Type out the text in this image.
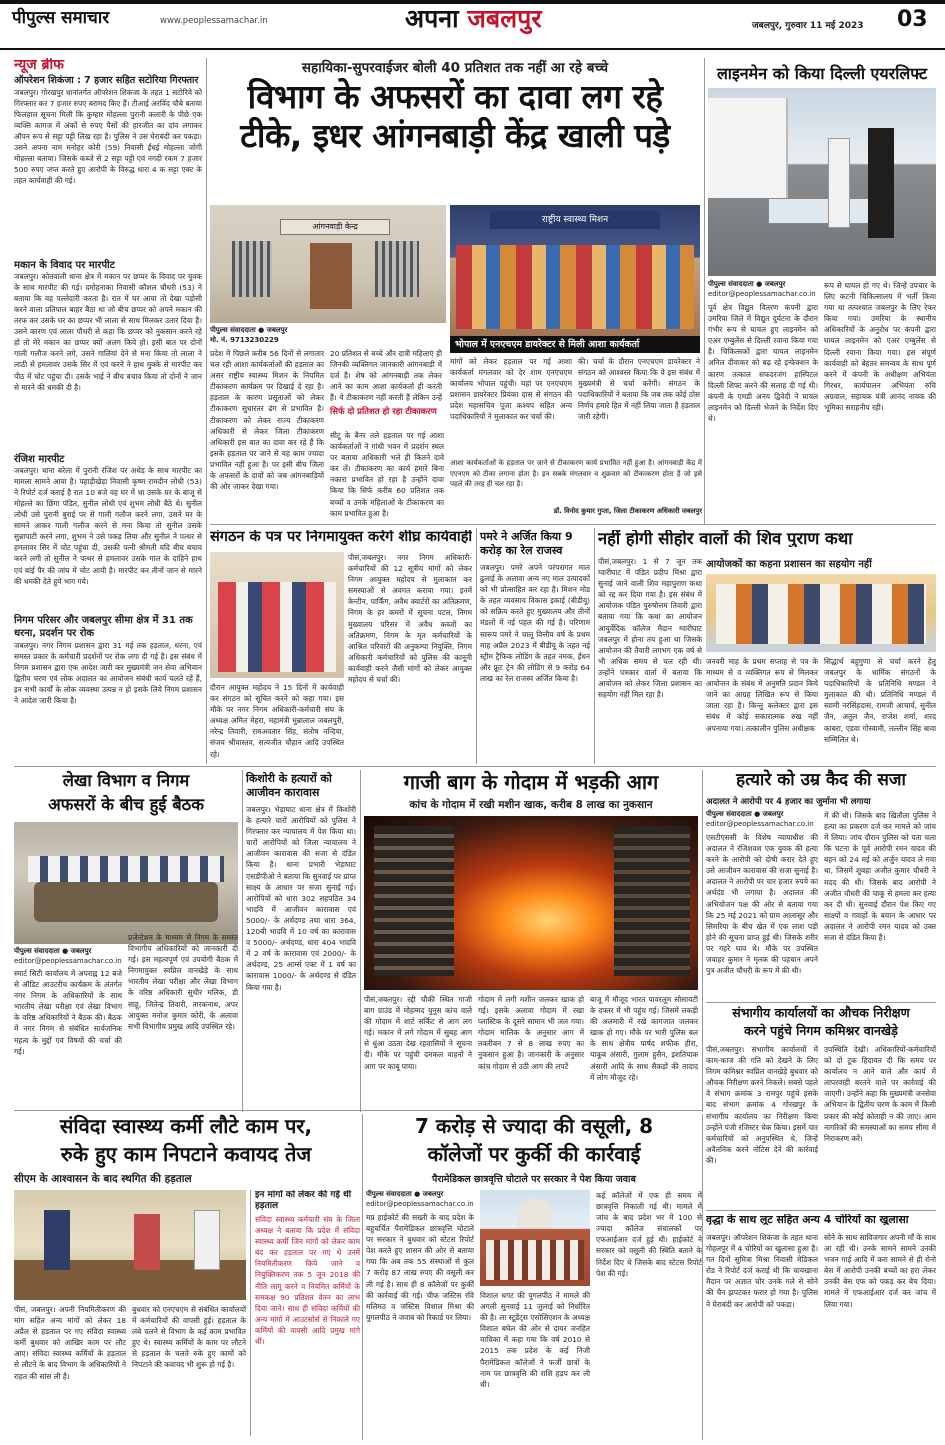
पीपुल्स समाचार	www.peoplessamachar.in	अपना जबलपुर	जबलपुर, गुरुवार 11 मई 2023 03
न्यूज ब्रीफ
ऑपरेशन शिकंजा : 7 हजार सहित सटोरिया गिरफ्तार
जबलपुर। गोरखपुर थानांतर्गत ऑपरेशन शिकंजा के तहत 1 सटोरिये को गिरफ्तार कर 7 हजार रुपए बरामद किए हैं। टीआई अरविंद चौबे बताया फिलहाल सूचना मिली कि कुम्हार मोहल्ला पुरानी कलारी के पीछे एक व्यक्ति कागज में अंकों से रुपए पैसों की हारजीत का दांव लगाकर ऑपन रूप से सट्टा पट्टी लिख रहा है। पुलिस ने उस घेराबंदी कर पकड़ा। उसने अपना नाम मनोहर कोरी (59) निवासी ईंधई मोहल्ला जोगी मोहल्ला बताया। जिसके कब्जे से 2 सट्टा पट्टी एवं नगदी रकम 7 हजार 500 रुपए जप्त करते हुए आरोपी के विरुद्ध धारा 4 क सट्टा एक्ट के तहत कार्यवाही की गई।
मकान के विवाद पर मारपीट
जबलपुर। कोतवाली थाना क्षेत्र में मकान पर छप्पर के विवाद पर युवक के साथ मारपीट की गई। दमोहनाका निवासी कौशल चौधरी (53) ने बताया कि वह पल्लेदारी करता है। रात में घर आया तो देखा पड़ोसी करने वाला प्रतिपाल बाहर बैठा था जो बीच छप्पर को अपने मकान की तरफ कर उसके घर का छप्पर भी लाला से साथ मिलकर उतार दिया है। उसने कारण एवं लाला पौधरी से कहा कि छप्पर को नुकसान करने रहे हो तो मेरे मकान का छप्पर क्यों अलग किये हो। इसी बात पर दोनों गाली गलौज करने लगे, उसने गालियां देने से मना किया तो लाला ने लाठी से हमलावर उसके सिर में एवं करने ने हाथ मुक्के से मारपीट कर पीठ में चोट पहुंचा दी। उसके भाई ने बीच बचाव किया तो दोनों ने जान से मारने की धमकी दी है।
रंजिश मारपीट
जबलपुर। थाना बरेला में पुरानी रंजिश पर अधेड़ के साथ मारपीट का मामला सामने आया है। पहाड़ीखेड़ा निवासी कृष्ण रामदीन लोधी (53) ने रिपोर्ट दर्ज कराई है रात 10 बजे वह घर में था उसके घर के बाजू से मोहल्ले का छिंगा पंडित, सुनील लोधी एवं शुभम लोधी बैठे थे। सुनील लोधी उसे पुरानी बुराई पर से गाली गलौज करने लगा, उसने घर के सामने आकर गाली गलौज करने से मना किया तो सुनील उसके सुन्नापाटी करने लगा, शुभम ने उसे पकड़ लिया और सुनील ने पत्थर से हमलावर सिर में चोट पहुंचा दी, उसकी पत्नी श्रीमती यदि बीच बचाव करने लगी तो सुनील ने पत्थर से हमलावर उसके गाल के दाहिने हाथ एवं बांई पैर की जांघ में चोट आयी है। मारपीट कर तीनों जान से मारने की धमकी देते हुये भाग गये।
निगम परिसर और जबलपुर सीमा क्षेत्र में 31 तक धरना, प्रदर्शन पर रोक
जबलपुर। नगर निगम प्रशासन द्वारा 31 मई तक हड़ताल, धरना, एवं समस्त प्रकार के कर्मचारी प्रदर्शनों पर रोक लगा दी गई है। इस संबंध में निगम प्रशासन द्वारा एक आदेश जारी कर मुख्यमंत्री जन सेवा अभियान द्वितीय चरण एवं लोक अदालत का आयोजन संबंधी कार्य चलते रहें हैं, इन सभी कार्यों के लोक व्यवस्था उत्पन्न न हो इसके लिये निगम प्रशासन ने आदेश जारी किया है।
सहायिका-सुपरवाईजर बोली 40 प्रतिशत तक नहीं आ रहे बच्चे
विभाग के अफसरों का दावा लग रहे
टीके, इधर आंगनबाड़ी केंद्र खाली पड़े
आंगनवाड़ी केन्द्र
पीपुल्स संवाददाता ● जबलपुर
मो. नं. 9713230229
प्रदेश में पिछले करीब 56 दिनों से लगातार चल रही आशा कार्यकर्ताओं की हड़ताल का असर राष्ट्रीय स्वास्थ्य मिशन के नियमित टीकाकरण कार्यक्रम पर दिखाई दे रहा है। हड़ताल के कारण प्रसूताओं को लेकर टीकाकरण सुधारतर ढंग से प्रभावित है। टीकाकरण को लेकर राज्य टीकाकरण अधिकारी से लेकर जिला टीकाकरण अधिकारी इस बात का दावा कर रहे हैं कि इसके हड़ताल पर जाने से यह काम ज्यादा प्रभावित नहीं हुआ है। पर इसी बीच जिला के अफसरों के दावों को जब आंगनबाड़ियों की ओर जाकर देखा गया।
20 प्रतिशत से बच्चे और दात्री महिलाएं ही जिनकी व्यक्तिगत जानकारी आंगनबाड़ी में दर्ज है। शेष को आंगनबाड़ी तक लेकर आने का काम आशा कार्यकर्ता ही करती हैं। ये टीकाकरण नहीं करती हैं लेकिन उन्हें
सिर्फ दो प्रतिशत हो रहा टीकाकरण
सीटू के बैनर तले हड़ताल पर गई आशा कार्यकर्ताओं ने गांधी भवन में प्रदर्शन स्थल पर बताया अधिकारी भले ही कितने दावे कर लें। टीकाकरण का कार्य हमारे बिना नकारा प्रभावित हो रहा है उन्होंने दावा किया कि सिर्फ करीब 60 प्रतिशत तक बच्चों व उनके महिलाओं के टीकाकरण का काम प्रभावित हुआ है।
राष्ट्रीय स्वास्थ्य मिशन
भोपाल में एनएचएम डायरेक्टर से मिली आशा कार्यकर्ता
मांगों को लेकर हड़ताल पर गई आशा कार्यकर्ता मंगलवार को देर शाम एनएचएम कार्यालय भोपाल पहुंची। यहां पर एनएचएम प्रशासन डायरेक्टर प्रियंका दास से संगठन की प्रदेश महासचिव पूजा कश्यप सहित अन्य पदाधिकारियों ने मुलाकात कर चर्चा की।
की। चर्चा के दौरान एनएचएम डायरेक्टर ने संगठन को आश्वस्त किया कि वे इस संबंध में मुख्यमंत्री से चर्चा करेंगी। संगठन के पदाधिकारियों ने बताया कि जब तक कोई ठोस निर्णय हमारे हित में नहीं लिया जाता है हड़ताल जारी रहेगी।
आशा कार्यकर्ताओं के हड़ताल पर जाने से टीकाकरण कार्य प्रभावित नहीं हुआ है। आंगनबाड़ी केंद्र में एएनएम को टीका लगाना होता है। इन सबके मंगलवार व शुक्रवार को टीकाकरण होता है जो इसे पहले की तरह ही चल रहा है।
डॉ. विनोद कुमार गुप्ता, जिला टीकाकरण अधिकारी जबलपुर
लाइनमेन को किया दिल्ली एयरलिफ्ट
पीपुल्स संवाददाता ● जबलपुर
editor@peoplessamachar.co.in
पूर्व क्षेत्र विद्युत वितरण कंपनी द्वारा उमरिया जिले में विद्युत दुर्घटना के दौरान गंभीर रूप से घायल हुए लाइनमेन को एअर एम्बुलेंस से दिल्ली रवाना किया गया है। चिकित्सकों द्वारा घायल लाइनमेन अनिल दीवाकर को बढ़ रहे इन्फेक्शन के कारण तत्काल सफदरजंग हास्पिटल दिल्ली शिफ्ट करने की सलाह दी गई थी। कंपनी के एमडी अनय द्विवेदी ने घायल लाइनमेन को दिल्ली भेजने के निर्देश दिए थे।
रूप से घायल हो गए थे। जिन्हें उपचार के लिए कटनी चिकित्सालय में भर्ती किया गया था तत्पश्चात जबलपुर के लिए रेफर किया गया। उमरिया के स्थानीय अधिकारियों के अनुरोध पर कंपनी द्वारा घायल लाइनमेन को एअर एम्बुलेंस से दिल्ली रवाना किया गया। इस संपूर्ण कार्यवाही को बेहतर समन्वय के साथ पूर्ण करने में कंपनी के अधीक्षण अभियंता गिरधर, कार्यपालन अभियंता रुचि अग्रवाल, सहायक यंत्री आनंद नायक की भूमिका सराहनीय रही।
संगठन के पत्र पर निगमायुक्त करेंगे शीघ्र कार्यवाही
पीसं,जबलपुर। नगर निगम अधिकारी-कर्मचारियों की 12 सूत्रीय मांगों को लेकर निगम आयुक्त महोदय से मुलाकात कर समस्याओं से अवगत कराया गया। इनमें केन्टीन, पार्किंग, अवैध क्वार्टरों का अतिक्रमण, निगम के हर कमरों में सूचना पटल, निगम मुख्यालय परिसर में अवैध कब्जों का अतिक्रमण, निगम के मृत कर्मचारियों के आश्रित परिवारों की अनुकम्पा नियुक्ति, निगम अधिकारी कर्मचारियों को पुलिस की कानूनी कार्यवाही करने जैसी मांगों को लेकर आयुक्त महोदय से चर्चा की।
दौरान आयुक्त महोदय ने 15 दिनों में कार्यवाही कर संगठन को सूचित करने को कहा गया। इस मौके पर नगर निगम अधिकारी-कर्मचारी संघ के अध्यक्ष अमित मेहरा, महामंत्री मुन्नालाल जबलपुरी, नरेन्द्र तिवारी, रामअवतार सिंह, संतोष नन्दिया, संजय श्रीवास्तव, सत्यजीत चौहान आदि उपस्थित रहे।
पमरे ने अर्जित किया 9 करोड़ का रेल राजस्व
जबलपुर। पमरे अपने परंपरागत माल ढुलाई के अलावा अन्य नए माल उत्पादकों को भी प्रोत्साहित कर रहा है। मिशन मोड के तहत व्यवसाय विकास इकाई (बीडीयू) को सक्रिय करते हुए मुख्यालय और तीनों मंडलों में नई पहल की गई है। परिणाम स्वरूप पमरे ने चालू वित्तीय वर्ष के प्रथम माह अप्रैल 2023 में बीडीयू के तहत नई स्ट्रीम ट्रैफिक लोडिंग के तहत नमक, ईंधन और फ्रूट ट्रेन की लोडिंग से 9 करोड़ 64 लाख का रेल राजस्व अर्जित किया है।
नहीं होगी सीहोर वालों की शिव पुराण कथा
पीसं,जबलपुर। 1 से 7 जून तक ग्वारीघाट में पंडित प्रदीप मिश्रा द्वारा सुनाई जाने वाली शिव महापुराण कथा को रद्द कर दिया गया है। इस संबंध में आयोजक पंडित पुरुषोत्तम तिवारी द्वारा बताया गया कि कथा का आयोजन आयुर्वेदिक कॉलेज मैदान ग्वारीघाट जबलपुर में होना तय हुआ था जिसके आयोजन की तैयारी लगभग एक वर्ष से भी अधिक समय से चल रही थी। उन्होंने पत्रकार वार्ता में बताया कि आयोजन को लेकर जिला प्रशासन का सहयोग नहीं मिल रहा है।
आयोजकों का कहना प्रशासन का सहयोग नहीं
जनवरी माह के प्रथम सप्ताह से पत्र के माध्यम से व व्यक्तिगत रूप से मिलकर आयोजन के संबंध में अनुमति प्रदान किये जाने का आग्रह लिखित रूप से किया जाता रहा है। किन्तु कलेक्टर द्वारा इस संबंध में कोई सकारात्मक रुख नहीं अपनाया गया। तत्कालीन पुलिस अधीक्षक
सिद्धार्थ बहुगुणा से चर्चा करने हेतु जबलपुर के धार्मिक संगठनों के पदाधिकारियों के प्रतिनिधि मण्डल ने मुलाकात की थी। प्रतिनिधि मण्डल में स्वामी नरसिंहदास, रामजी आचार्य, सुनील जैन, अतुल जैन, राजेश शर्मा, शरद काबरा, एडवा गोस्वामी, तल्लीन सिंह बावा सम्मिलित थे।
लेखा विभाग व निगम
अफसरों के बीच हुई बैठक
पीपुल्स संवाददाता ● जबलपुर
editor@peoplessamachar.co.in
स्मार्ट सिटी कार्यालय में अपराह्न 12 बजे से ऑडिट आउटरीच कार्यक्रम के अंतर्गत नगर निगम के अधिकारियों के साथ भारतीय लेखा परीक्षा एवं लेखा विभाग के वरिष्ठ अधिकारियों ने बैठक की। बैठक में नगर निगम से संबंधित सार्वजनिक महत्व के मुद्दों एवं विषयों की चर्चा की गई।
प्रजेन्टेशन के माध्यम से निगम के समस्त विभागीय अधिकारियों को जानकारी दी गई। इस महत्वपूर्ण एवं उपयोगी बैठक में निगमायुक्त स्वप्निल वानखेड़े के साथ भारतीय लेखा परीक्षा और लेखा विभाग के वरिष्ठ अधिकारी सुधीर मलिक, डी साहू, जितेन्द्र तिवारी, तारकनाथ, अपर आयुक्त मनोज कुमार कोरी, के अलावा सभी विभागीय प्रमुख आदि उपस्थित रहे।
किशोरी के हत्यारों को आजीवन कारावास
जबलपुर। भेड़ाघाट थाना क्षेत्र में किशोरी के हत्यारे चारों आरोपियों को पुलिस ने गिरफ्तार कर न्यायालय में पेश किया था। चारों आरोपियों को जिला न्यायालय ने आजीवन कारावास की सजा से दंडित किया है। थाना प्रभारी भेड़ाघाट एसडीपीओ ने बताया कि सुनवाई पर प्राप्त साक्ष्य के आधार पर सजा सुनाई गई। आरोपियों को धारा 302 सहपठित 34 भादवि में आजीवन कारावास एवं 5000/- के अर्थदण्ड तथा धारा 364, 120बी भादवि में 10 वर्ष का कारावास व 5000/- अर्थदण्ड, धारा 404 भादवि में 2 वर्ष के कारावास एवं 2000/- के अर्थदण्ड, 25 आर्म्स एक्ट में 1 वर्ष का कारावास 1000/- के अर्थदण्ड से दंडित किया गया है।
गाजी बाग के गोदाम में भड़की आग
कांच के गोदाम में रखी मशीन खाक, करीब 8 लाख का नुकसान
पीसं,जबलपुर। रद्दी चौकी स्थित गाजी बाग ग्राउंड में मोहम्मद युनुस कांच वाले की गोदाम में शार्ट सर्किट से आग लग गई। मकान में लगे गोदाम में सुबह आग से धुंआ उठता देख रहवासियों ने सूचना दी। मौके पर पहुंची दमकल वाहनों ने आग पर काबू पाया।
गोदाम में लगी मशीन जलकर खाक हो गई। इसके अलावा गोदाम में रखा प्लास्टिक के दूसरे सामान भी जल गया। गोदाम मालिक के अनुसार आग में तकरीबन 7 से 8 लाख रुपए का नुकसान हुआ है। जानकारी के अनुसार कांच गोदाम से उठी आग की लपटें
बाजू में मौजूद भारत पावरलूम सोसायटी के दफ्तर में भी पहुंच गई। जिसमें लकड़ी की अलमारी में रखे कागजात जलकर खाक हो गए। मौके पर भारी पुलिस बल के साथ क्षेत्रीय पार्षद शफीक हीरा, याकूब अंसारी, गुलाम हुसैन, इशतियाक अंसारी आदि के साथ सैकड़ों की तादाद में लोग मौजूद रहे।
हत्यारे को उम्र कैद की सजा
अदालत ने आरोपी पर 4 हजार का जुर्माना भी लगाया
पीपुल्स संवाददाता ● जबलपुर
editor@peoplessamachar.co.in
एसटीएससी के विशेष न्यायाधीश की अदालत ने रंजिशवश एक युवक की हत्या करने के आरोपी को दोषी करार देते हुए उसे आजीवन कारावास की सजा सुनाई है। अदालत ने आरोपी पर चार हजार रुपये का अर्थदंड भी लगाया है। अदालत की अभियोजन पक्ष की ओर से बताया गया कि 25 मई 2021 को ग्राम आलासूर और सिमरिया के बीच खेत में एक लाश पड़ी होने की सूचना प्राप्त हुई थी। जिसके शरीर पर गहरे घाव थे। मौके पर उपस्थित जवाहर कुमार ने मृतक की पहचान अपने पुत्र अजीत चौधरी के रूप में की थी।
में की थी। जिसके बाद खितौला पुलिस ने हत्या का प्रकरण दर्ज कर मामले को जांच में लिया। जांच दौरान पुलिस को पता चला कि घटना के पूर्व आरोपी रमन यादव की बहन को 24 मई को अर्जुन यादव ले गया था, जिसमें शुबहा अजीत कुमार चौधरी ने मदद की थी। जिसके बाद आरोपी ने अजीत चौधरी की चाकू से हमला कर हत्या कर दी थी। सुनवाई दौरान पेश किए गए साक्ष्यों व गवाहों के बयान के आधार पर अदालत ने आरोपी रमन यादव को उक्त सजा से दंडित किया है।
संभागीय कार्यालयों का औचक निरीक्षण
करने पहुंचे निगम कमिश्नर वानखेड़े
पीसं,जबलपुर। संभागीय कार्यालयों में काम-काज की गति को देखने के लिए निगम कमिश्नर स्वप्निल वानखेड़े बुधवार को औचक निरीक्षण करने निकले। सबसे पहले वे संभाग क्रमांक 3 रामपुर पहुंचे इसके बाद संभाग क्रमांक 4 गोरखपुर के संभागीय कार्यालय का निरीक्षण किया उन्होंने पंजी रजिस्टर चेक किया। इसमें चार कर्मचारियों को अनुपस्थित थे, जिन्हें अवैतनिक करने नोटिस देने की कार्रवाई की।
उपस्थिति देखी। अधिकारियों-कर्मचारियों को दो टूक हिदायत दी कि समय पर कार्यालय न आने वाले और कार्य में लापरवाही बरतने वाले पर कार्रवाई की जाएगी। उन्होंने कहा कि मुख्यमंत्री जनसेवा अभियान के द्वितीय चरण के काम में किसी प्रकार की कोई कोताही न की जाए। आम नागरिकों की समस्याओं का समय सीमा में निराकरण करें।
संविदा स्वास्थ्य कर्मी लौटे काम पर,
रुके हुए काम निपटाने कवायद तेज
सीएम के आश्वासन के बाद स्थगित की हड़ताल
पीसं, जबलपुर। अपनी नियमितीकरण की मांग सहित अन्य मांगों को लेकर 18 अप्रैल से हड़ताल पर गए संविदा स्वास्थ्य कर्मी बुधवार को आखिर काम पर लौट आए। संविदा स्वास्थ्य कर्मियों के हड़ताल से लौटने के बाद विभाग के अधिकारियों ने राहत की सांस ली है।
बुधवार को एनएचएम से संबंधित कार्यालयों में कर्मचारियों की वापसी हुई। हड़ताल के लंबे चलने से विभाग के कई काम प्रभावित हुए थे। स्वास्थ्य कर्मियों के काम पर लौटने से हड़ताल के चलते रुके हुए कामों को निपटाने की कवायद भी शुरू हो गई है।
इन मांगों को लेकर की गई थी हड़ताल
संविदा स्वास्थ्य कर्मचारी संघ के जिला अध्यक्ष ने बताया कि प्रदेश में संविदा स्वास्थ्य कर्मी जिन मांगों को लेकर काम बंद कर हड़ताल पर गए थे उनमें नियमितीकरण किये जाने व नियुक्तिकरण तक 5 जून 2018 की नीति लागू करने व नियमित कर्मियों के समकक्ष 90 प्रतिशत वेतन का लाभ दिया जाने। साथ ही संविदा कर्मियों की अन्य मांगों में आउटसोर्स से निकाले गए कर्मियों की वापसी आदि प्रमुख मांगे थीं।
7 करोड़ से ज्यादा की वसूली, 8
कॉलेजों पर कुर्की की कार्रवाई
पैरामेडिकल छात्रवृत्ति घोटाले पर सरकार ने पेश किया जवाब
पीपुल्स संवाददाता ● जबलपुर
editor@peoplessamachar.co.in
मप्र हाईकोर्ट की सख्ती के बाद प्रदेश के बहुचर्चित पैरामेडिकल छात्रवृत्ति घोटाले पर सरकार ने बुधवार को स्टेटस रिपोर्ट पेश करते हुए शासन की ओर से बताया गया कि अब तक 55 संस्थाओं से कुल 7 करोड़ 87 लाख रुपए की वसूली कर ली गई है। साथ ही 8 कॉलेजों पर कुर्की की कार्रवाई की गई। चीफ जस्टिस रवि मलिमठ व जस्टिस विशाल मिश्रा की युगलपीठ ने जवाब को रिकार्ड पर लिया।
विशाल धगट की युगलपीठ ने मामले की अगली सुनवाई 11 जुलाई को निर्धारित की है। ला स्टूडेंट्स एसोसिएशन के अध्यक्ष विशाल बघेल की ओर से दायर जनहित याचिका में कहा गया कि वर्ष 2010 से 2015 तक प्रदेश के कई निजी पैरामेडिकल कॉलेजों ने फर्जी छात्रों के नाम पर छात्रवृत्ति की राशि हड़प कर ली थी।
कई कॉलेजों में एक ही समय में छात्रवृत्ति निकाली गई थी। मामले में जांच के बाद प्रदेश भर में 100 से ज्यादा कॉलेज संचालकों पर एफआईआर दर्ज हुई थी। हाईकोर्ट ने सरकार को वसूली की स्थिति बताने के निर्देश दिए थे जिसके बाद स्टेटस रिपोर्ट पेश की गई।
वृद्धा के साथ लूट सहित अन्य 4 चोरियों का खुलासा
जबलपुर। ऑपरेशन शिकंजा के तहत थाना गोहलपुर में 4 चोरियों का खुलासा हुआ है। गत दिनों सुमित्रा मिश्रा निवासी मेडिकल रोड ने रिपोर्ट दर्ज कराई थी कि चायखाना मैदान पर अज्ञात चोर उनके गले से सोने की चैन झपटकर फरार हो गया है। पुलिस ने घेराबंदी कर आरोपी को पकड़ा।
सोने के साथ साविजगार अपनी माँ के साथ आ रही थी। उनके सामने सामने उनकी भजन गाई आदि में करा सामने से ही रोनो बेस में आरोपी उनकी बच्चों का हरा लेकर उनकी बेस एफ को पकड़ कर बेच दिया। मामले में एफआईआर दर्ज कर जांच में लिया गया।
